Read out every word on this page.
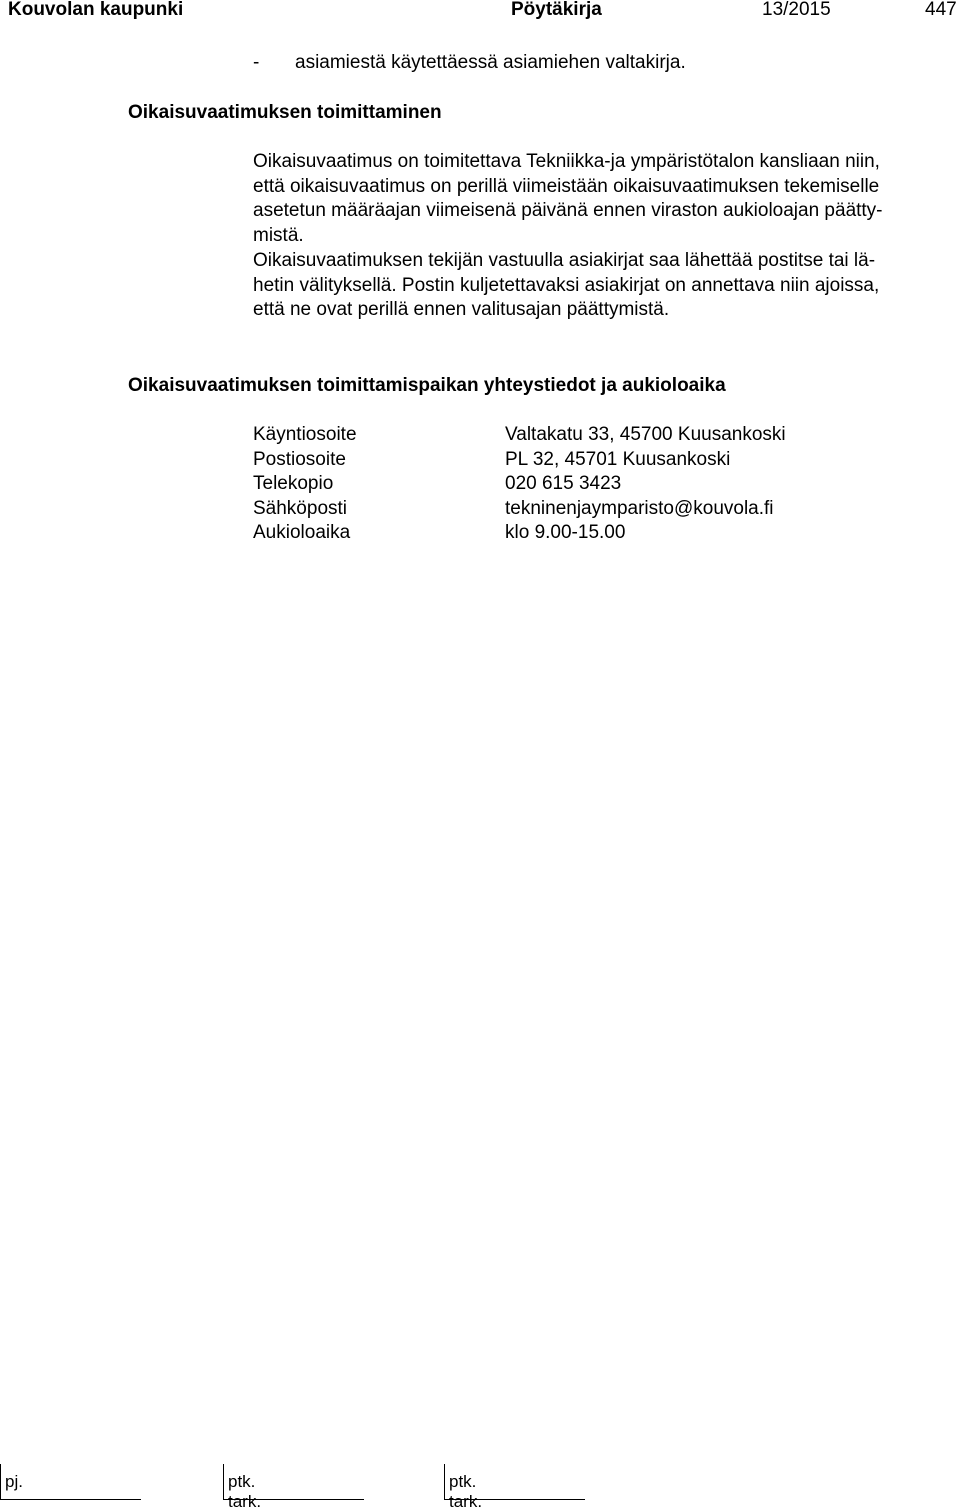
Kouvolan kaupunki	Pöytäkirja	13/2015	447

- asiamiestä käytettäessä asiamiehen valtakirja.

Oikaisuvaatimuksen toimittaminen
Oikaisuvaatimus on toimitettava Tekniikka-ja ympäristötalon kansliaan niin,
että oikaisuvaatimus on perillä viimeistään oikaisuvaatimuksen tekemiselle
asetetun määräajan viimeisenä päivänä ennen viraston aukioloajan päätty-
mistä.
Oikaisuvaatimuksen tekijän vastuulla asiakirjat saa lähettää postitse tai lä-
hetin välityksellä. Postin kuljetettavaksi asiakirjat on annettava niin ajoissa,
että ne ovat perillä ennen valitusajan päättymistä.
Oikaisuvaatimuksen toimittamispaikan yhteystiedot ja aukioloaika
Käyntiosoite	Valtakatu 33, 45700 Kuusankoski
Postiosoite	PL 32, 45701 Kuusankoski
Telekopio	020 615 3423
Sähköposti	tekninenjaymparisto@kouvola.fi
Aukioloaika	klo 9.00-15.00
pj.	ptk. tark.
ptk. tark.
